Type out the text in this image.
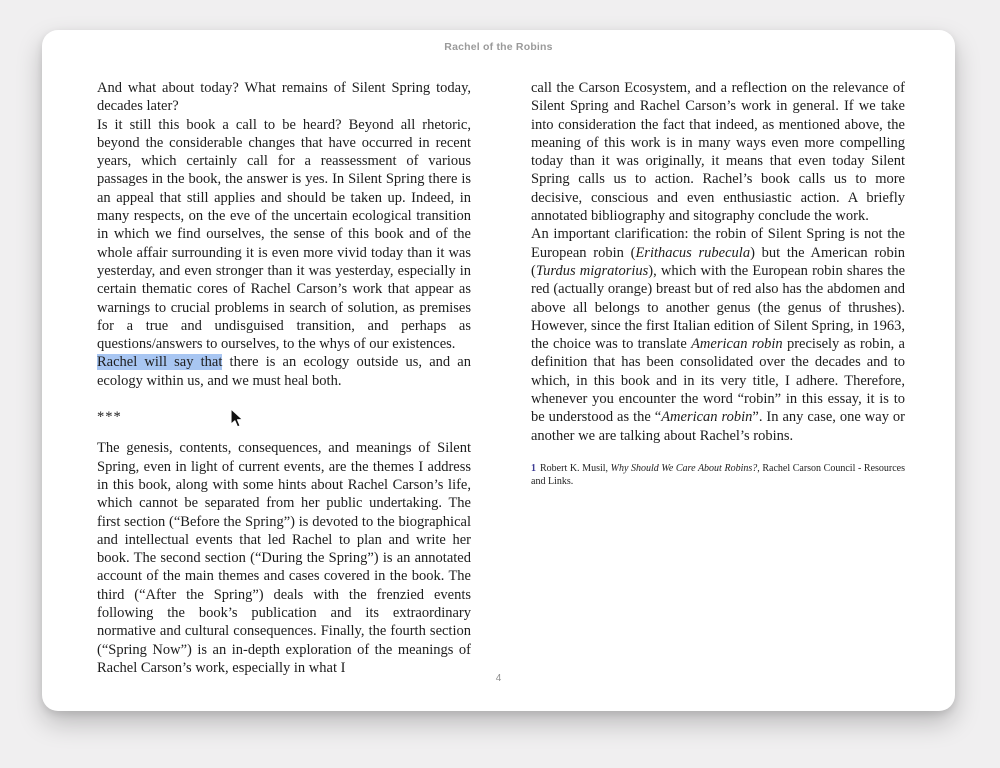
Rachel of the Robins

And what about today? What remains of Silent Spring today, decades later?

Is it still this book a call to be heard? Beyond all rhetoric, beyond the considerable changes that have occurred in recent years, which certainly call for a reassessment of various passages in the book, the answer is yes. In Silent Spring there is an appeal that still applies and should be taken up. Indeed, in many respects, on the eve of the uncertain ecological transition in which we find ourselves, the sense of this book and of the whole affair surrounding it is even more vivid today than it was yesterday, and even stronger than it was yesterday, especially in certain thematic cores of Rachel Carson’s work that appear as warnings to crucial problems in search of solution, as premises for a true and undisguised transition, and perhaps as questions/answers to ourselves, to the whys of our existences.

Rachel will say that there is an ecology outside us, and an ecology within us, and we must heal both.

***

The genesis, contents, consequences, and meanings of Silent Spring, even in light of current events, are the themes I address in this book, along with some hints about Rachel Carson’s life, which cannot be separated from her public undertaking. The first section (“Before the Spring”) is devoted to the biographical and intellectual events that led Rachel to plan and write her book. The second section (“During the Spring”) is an annotated account of the main themes and cases covered in the book. The third (“After the Spring”) deals with the frenzied events following the book’s publication and its extraordinary normative and cultural consequences. Finally, the fourth section (“Spring Now”) is an in-depth exploration of the meanings of Rachel Carson’s work, especially in what I

call the Carson Ecosystem, and a reflection on the relevance of Silent Spring and Rachel Carson’s work in general. If we take into consideration the fact that indeed, as mentioned above, the meaning of this work is in many ways even more compelling today than it was originally, it means that even today Silent Spring calls us to action. Rachel’s book calls us to more decisive, conscious and even enthusiastic action. A briefly annotated bibliography and sitography conclude the work.

An important clarification: the robin of Silent Spring is not the European robin (Erithacus rubecula) but the American robin (Turdus migratorius), which with the European robin shares the red (actually orange) breast but of red also has the abdomen and above all belongs to another genus (the genus of thrushes). However, since the first Italian edition of Silent Spring, in 1963, the choice was to translate American robin precisely as robin, a definition that has been consolidated over the decades and to which, in this book and in its very title, I adhere. Therefore, whenever you encounter the word “robin” in this essay, it is to be understood as the “American robin”. In any case, one way or another we are talking about Rachel’s robins.

1 Robert K. Musil, Why Should We Care About Robins?, Rachel Carson Council - Resources and Links.
4
